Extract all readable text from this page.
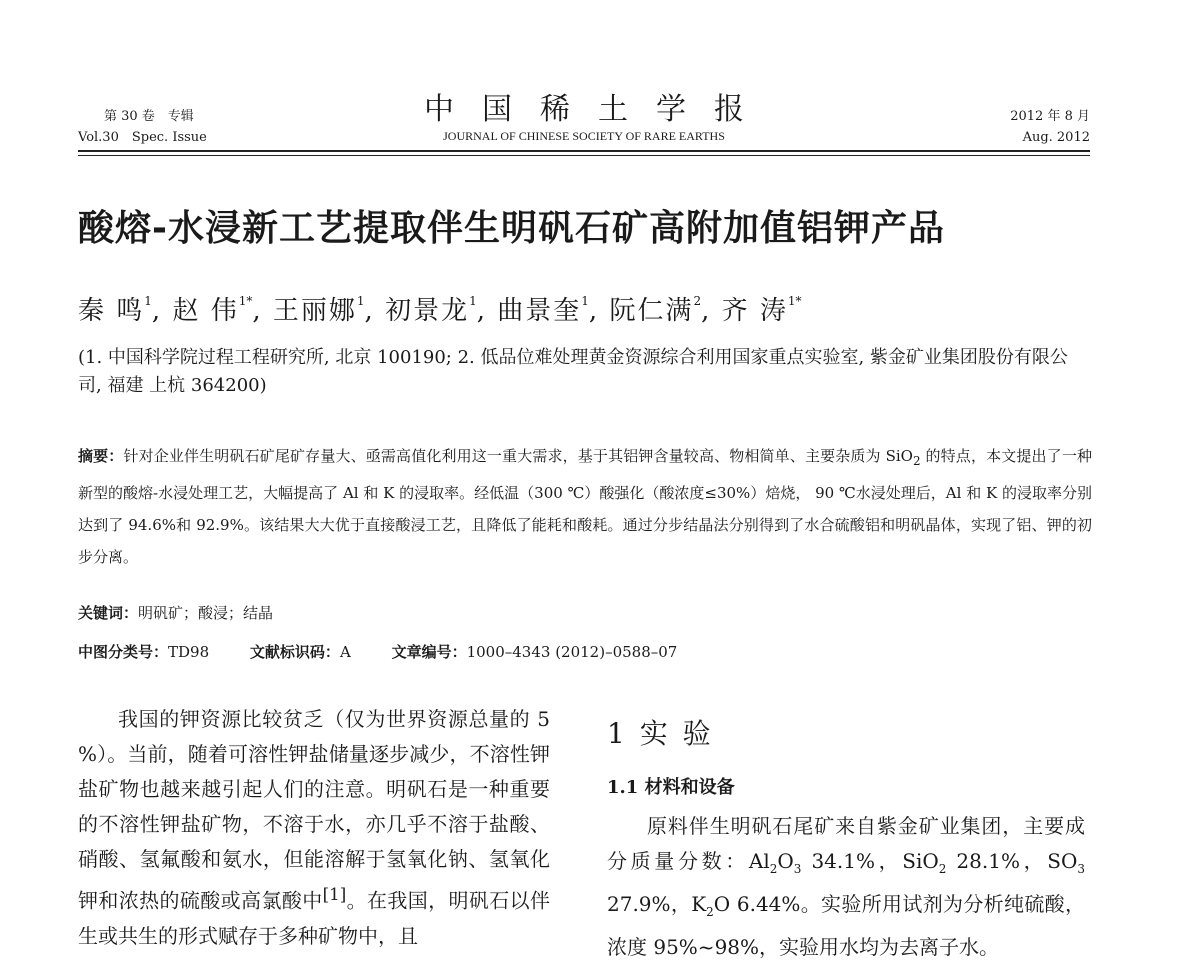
第 30 卷　专辑
Vol.30　Spec. Issue
中国稀土学报
JOURNAL OF CHINESE SOCIETY OF RARE EARTHS
2012 年 8 月
Aug. 2012
酸熔-水浸新工艺提取伴生明矾石矿高附加值铝钾产品
秦 鸣$^1$, 赵 伟$^{1*}$, 王丽娜$^1$, 初景龙$^1$, 曲景奎$^1$, 阮仁满$^2$, 齐 涛$^{1*}$
(1. 中国科学院过程工程研究所, 北京 100190; 2. 低品位难处理黄金资源综合利用国家重点实验室, 紫金矿业集团股份有限公司, 福建 上杭 364200)
摘要：针对企业伴生明矾石矿尾矿存量大、亟需高值化利用这一重大需求，基于其铝钾含量较高、物相简单、主要杂质为 SiO$_2$ 的特点，本文提出了一种新型的酸熔-水浸处理工艺，大幅提高了 Al 和 K 的浸取率。经低温（300 ℃）酸强化（酸浓度≤30%）焙烧， 90 ℃水浸处理后，Al 和 K 的浸取率分别达到了 94.6%和 92.9%。该结果大大优于直接酸浸工艺，且降低了能耗和酸耗。通过分步结晶法分别得到了水合硫酸铝和明矾晶体，实现了铝、钾的初步分离。
关键词：明矾矿；酸浸；结晶
中图分类号：TD98	文献标识码：A	文章编号：1000–4343 (2012)–0588–07

我国的钾资源比较贫乏（仅为世界资源总量的 5 %）。当前，随着可溶性钾盐储量逐步减少，不溶性钾盐矿物也越来越引起人们的注意。明矾石是一种重要的不溶性钾盐矿物，不溶于水，亦几乎不溶于盐酸、硝酸、氢氟酸和氨水，但能溶解于氢氧化钠、氢氧化钾和浓热的硫酸或高氯酸中[1]。在我国，明矾石以伴生或共生的形式赋存于多种矿物中，且

1 实 验
1.1 材料和设备

原料伴生明矾石尾矿来自紫金矿业集团，主要成分质量分数：$Al_2O_3$ 34.1%，SiO$_2$ 28.1%，$SO_3$ 27.9%，$K_2O$ 6.44%。实验所用试剂为分析纯硫酸，浓度 95%~98%，实验用水均为去离子水。
